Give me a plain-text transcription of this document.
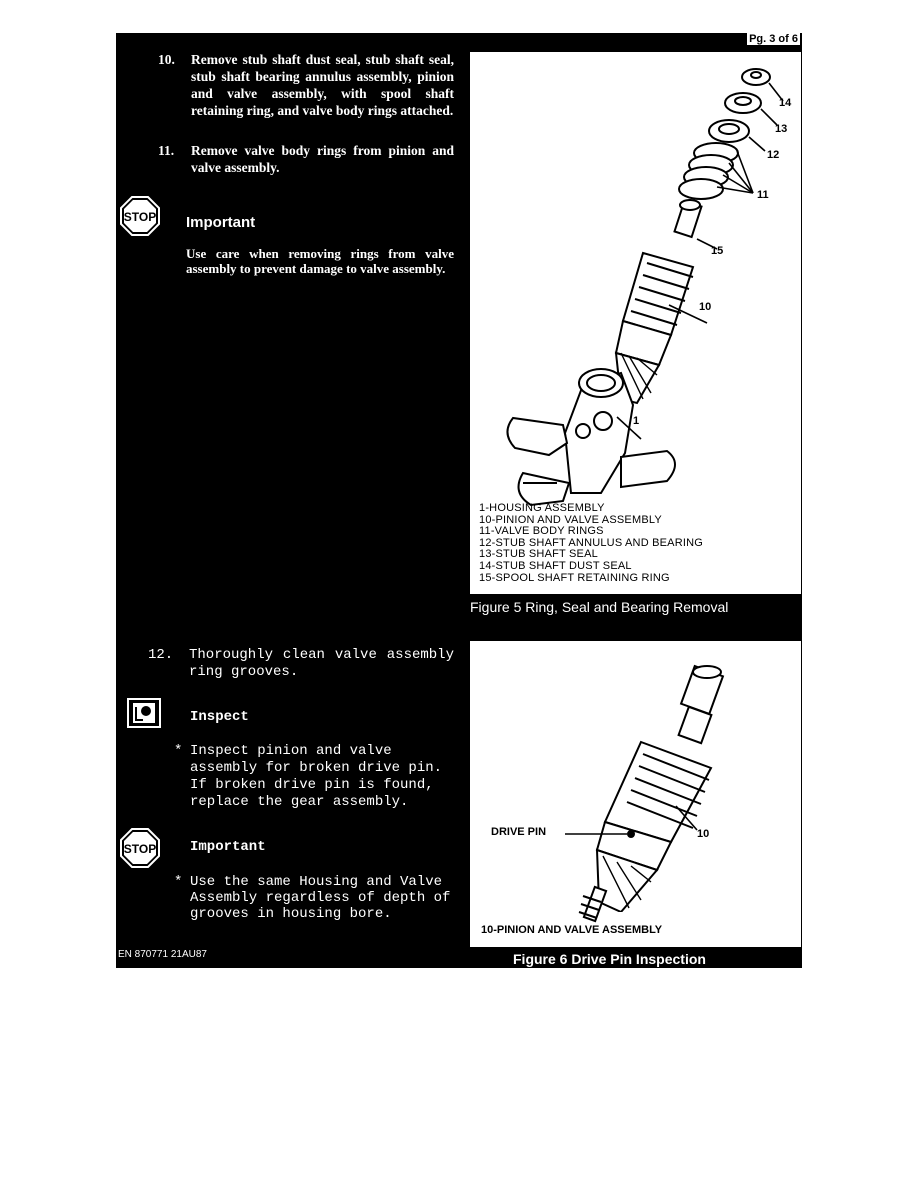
Pg. 3 of 6
10. Remove stub shaft dust seal, stub shaft seal, stub shaft bearing annulus assembly, pinion and valve assembly, with spool shaft retaining ring, and valve body rings attached.
11. Remove valve body rings from pinion and valve assembly.
STOP Important
Use care when removing rings from valve assembly to prevent damage to valve assembly.
14
13
12
11
15
10
1
1-HOUSING ASSEMBLY
10-PINION AND VALVE ASSEMBLY
11-VALVE BODY RINGS
12-STUB SHAFT ANNULUS AND BEARING
13-STUB SHAFT SEAL
14-STUB SHAFT DUST SEAL
15-SPOOL SHAFT RETAINING RING
Figure 5 Ring, Seal and Bearing Removal
12. Thoroughly clean valve assembly ring grooves.
Inspect
* Inspect pinion and valve assembly for broken drive pin. If broken drive pin is found, replace the gear assembly.
STOP Important
* Use the same Housing and Valve Assembly regardless of depth of grooves in housing bore.
DRIVE PIN	10
10-PINION AND VALVE ASSEMBLY
Figure 6 Drive Pin Inspection
EN 870771 21AU87
